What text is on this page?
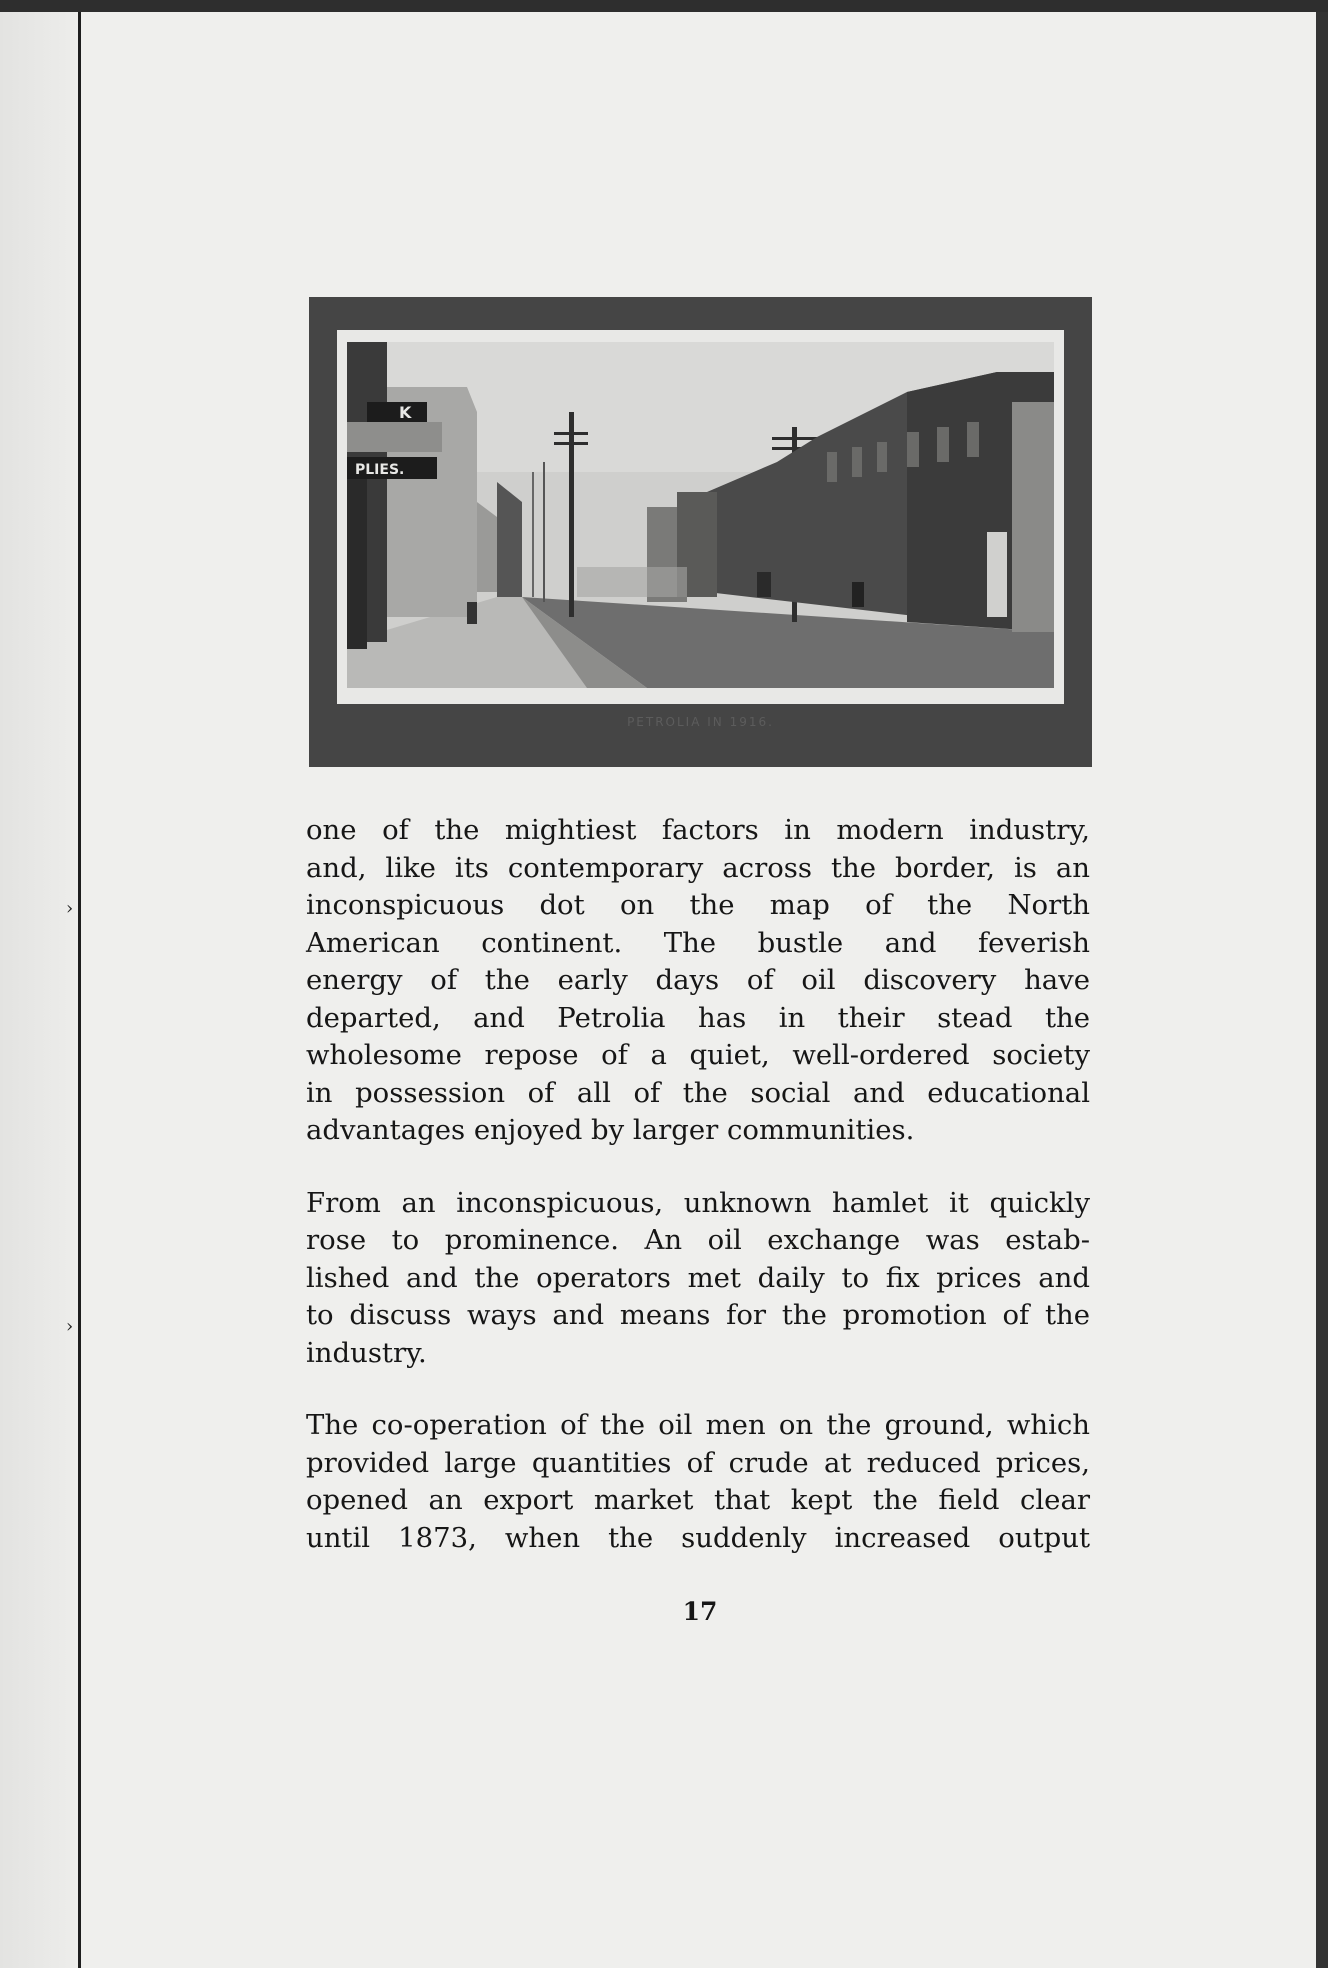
›
›
K
PLIES.
PETROLIA IN 1916.

one of the mightiest factors in modern industry,
and, like its contemporary across the border, is an
inconspicuous dot on the map of the North
American continent. The bustle and feverish
energy of the early days of oil discovery have
departed, and Petrolia has in their stead the
wholesome repose of a quiet, well-ordered society
in possession of all of the social and educational
advantages enjoyed by larger communities.

From an inconspicuous, unknown hamlet it quickly
rose to prominence. An oil exchange was estab-
lished and the operators met daily to fix prices and
to discuss ways and means for the promotion of the
industry.

The co-operation of the oil men on the ground, which
provided large quantities of crude at reduced prices,
opened an export market that kept the field clear
until 1873, when the suddenly increased output

17
